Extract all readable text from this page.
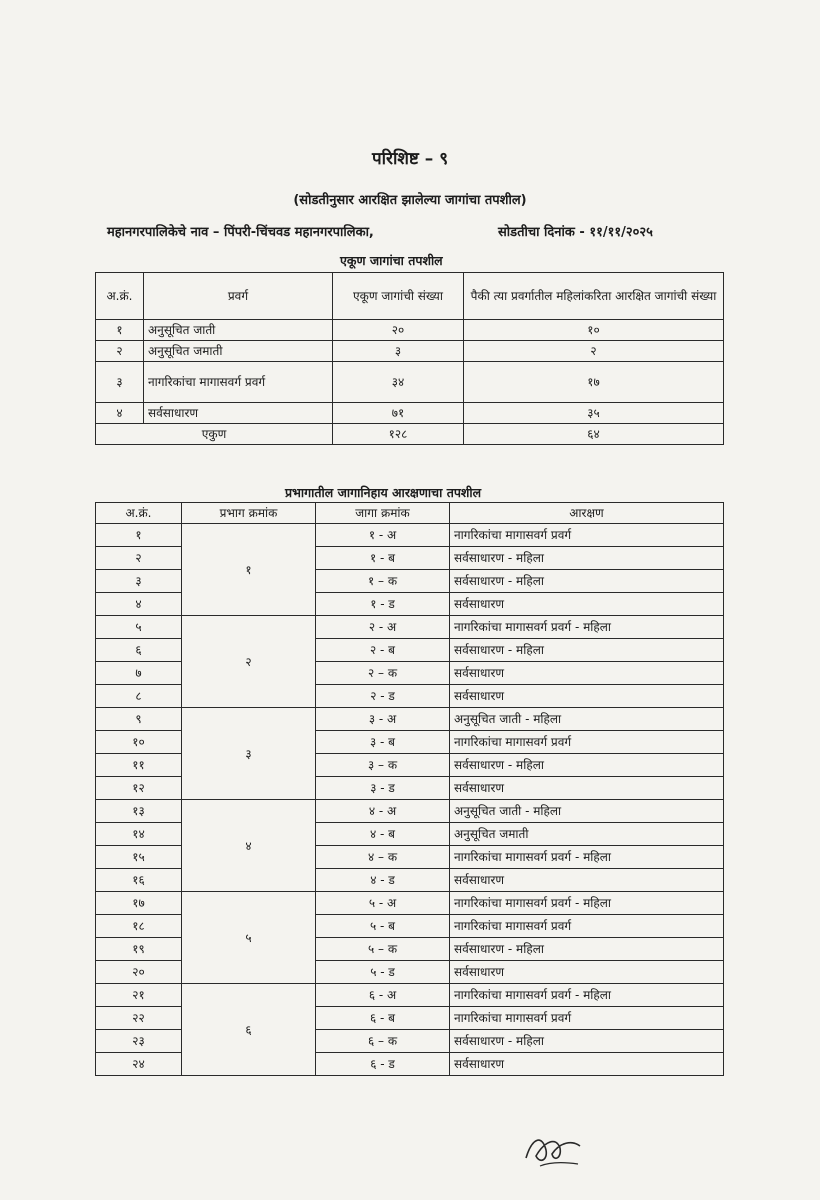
परिशिष्ट – ९
(सोडतीनुसार आरक्षित झालेल्या जागांचा तपशील)
महानगरपालिकेचे नाव – पिंपरी-चिंचवड महानगरपालिका,	सोडतीचा दिनांक - ११/११/२०२५
एकूण जागांचा तपशील
अ.क्रं.	प्रवर्ग	एकूण जागांची संख्या	पैकी त्या प्रवर्गातील महिलांकरिता आरक्षित जागांची संख्या
१	अनुसूचित जाती	२०	१०
२	अनुसूचित जमाती	३	२
३	नागरिकांचा मागासवर्ग प्रवर्ग	३४	१७
४	सर्वसाधारण	७१	३५
एकुण		१२८	६४
प्रभागातील जागानिहाय आरक्षणाचा तपशील
अ.क्रं.	प्रभाग क्रमांक	जागा क्रमांक	आरक्षण
१	१	१ - अ	नागरिकांचा मागासवर्ग प्रवर्ग
२		१ - ब	सर्वसाधारण - महिला
३		१ – क	सर्वसाधारण - महिला
४		१ - ड	सर्वसाधारण
५	२	२ - अ	नागरिकांचा मागासवर्ग प्रवर्ग - महिला
६		२ - ब	सर्वसाधारण - महिला
७		२ – क	सर्वसाधारण
८		२ - ड	सर्वसाधारण
९	३	३ - अ	अनुसूचित जाती - महिला
१०		३ - ब	नागरिकांचा मागासवर्ग प्रवर्ग
११		३ – क	सर्वसाधारण - महिला
१२		३ - ड	सर्वसाधारण
१३	४	४ - अ	अनुसूचित जाती - महिला
१४		४ - ब	अनुसूचित जमाती
१५		४ – क	नागरिकांचा मागासवर्ग प्रवर्ग - महिला
१६		४ - ड	सर्वसाधारण
१७	५	५ - अ	नागरिकांचा मागासवर्ग प्रवर्ग - महिला
१८		५ - ब	नागरिकांचा मागासवर्ग प्रवर्ग
१९		५ – क	सर्वसाधारण - महिला
२०		५ - ड	सर्वसाधारण
२१	६	६ - अ	नागरिकांचा मागासवर्ग प्रवर्ग - महिला
२२		६ - ब	नागरिकांचा मागासवर्ग प्रवर्ग
२३		६ – क	सर्वसाधारण - महिला
२४		६ - ड	सर्वसाधारण
